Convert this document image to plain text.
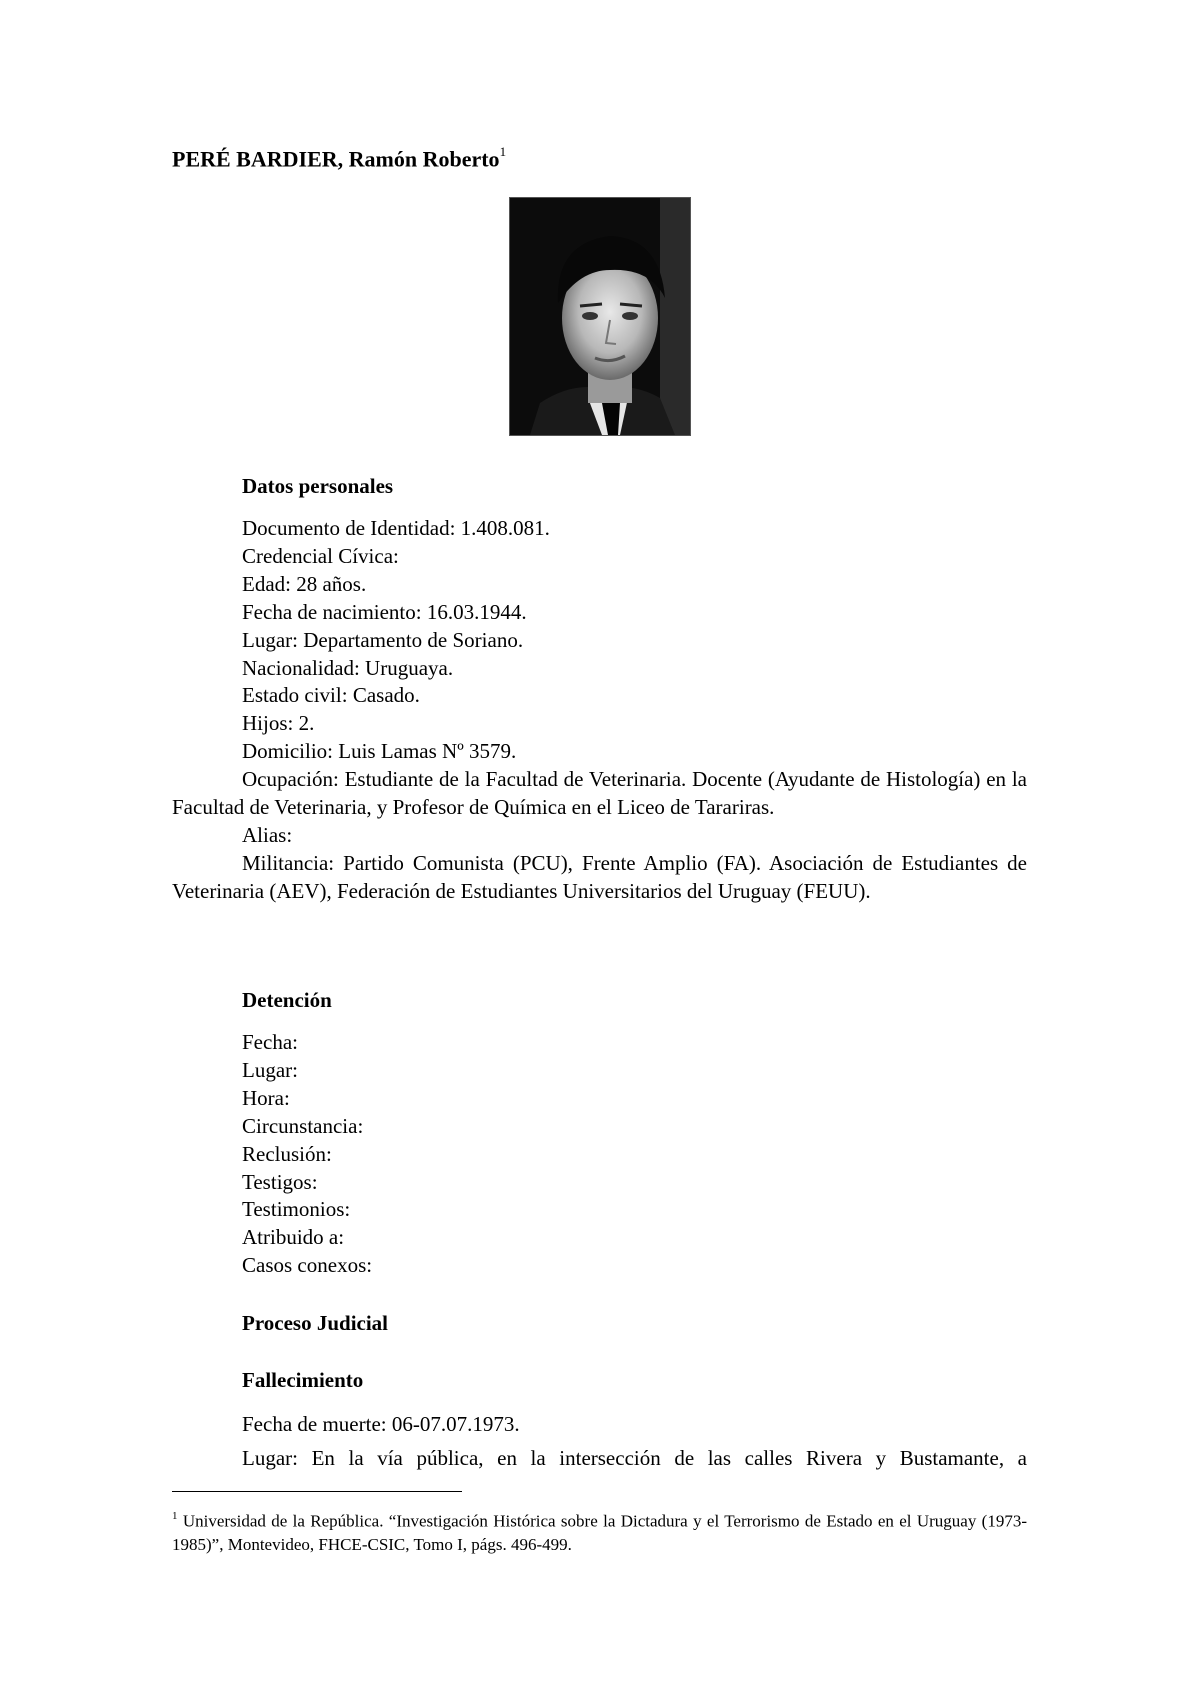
PERÉ BARDIER, Ramón Roberto$^1$
Datos personales
Documento de Identidad: 1.408.081.
Credencial Cívica:
Edad: 28 años.
Fecha de nacimiento: 16.03.1944.
Lugar: Departamento de Soriano.
Nacionalidad: Uruguaya.
Estado civil: Casado.
Hijos: 2.
Domicilio: Luis Lamas Nº 3579.
Ocupación: Estudiante de la Facultad de Veterinaria. Docente (Ayudante de Histología) en la Facultad de Veterinaria, y Profesor de Química en el Liceo de Tarariras.
Alias:
Militancia: Partido Comunista (PCU), Frente Amplio (FA). Asociación de Estudiantes de Veterinaria (AEV), Federación de Estudiantes Universitarios del Uruguay (FEUU).
Detención
Fecha:
Lugar:
Hora:
Circunstancia:
Reclusión:
Testigos:
Testimonios:
Atribuido a:
Casos conexos:
Proceso Judicial
Fallecimiento
Fecha de muerte: 06-07.07.1973.
Lugar: En la vía pública, en la intersección de las calles Rivera y Bustamante, a
$^1$ Universidad de la República. “Investigación Histórica sobre la Dictadura y el Terrorismo de Estado en el Uruguay (1973-1985)”, Montevideo, FHCE-CSIC, Tomo I, págs. 496-499.
